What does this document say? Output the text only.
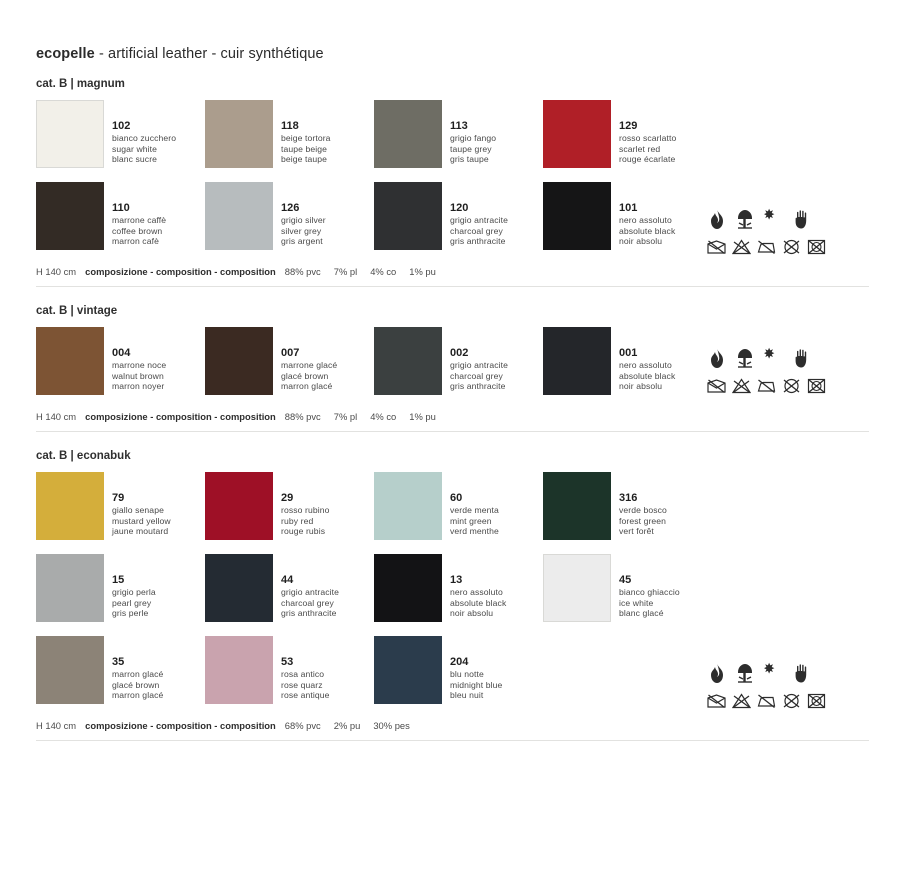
ecopelle - artificial leather - cuir synthétique
cat. B | magnum
102
bianco zucchero
sugar white
blanc sucre
118
beige tortora
taupe beige
beige taupe
113
grigio fango
taupe grey
gris taupe
129
rosso scarlatto
scarlet red
rouge écarlate
110
marrone caffè
coffee brown
marron cafè
126
grigio silver
silver grey
gris argent
120
grigio antracite
charcoal grey
gris anthracite
101
nero assoluto
absolute black
noir absolu
H 140 cm composizione - composition - composition 88% pvc 7% pl 4% co 1% pu
cat. B | vintage
004
marrone noce
walnut brown
marron noyer
007
marrone glacé
glacé brown
marron glacé
002
grigio antracite
charcoal grey
gris anthracite
001
nero assoluto
absolute black
noir absolu
H 140 cm composizione - composition - composition 88% pvc 7% pl 4% co 1% pu
cat. B | econabuk
79
giallo senape
mustard yellow
jaune moutard
29
rosso rubino
ruby red
rouge rubis
60
verde menta
mint green
verd menthe
316
verde bosco
forest green
vert forêt
15
grigio perla
pearl grey
gris perle
44
grigio antracite
charcoal grey
gris anthracite
13
nero assoluto
absolute black
noir absolu
45
bianco ghiaccio
ice white
blanc glacé
35
marron glacé
glacé brown
marron glacé
53
rosa antico
rose quarz
rose antique
204
blu notte
midnight blue
bleu nuit
H 140 cm composizione - composition - composition 68% pvc 2% pu 30% pes
